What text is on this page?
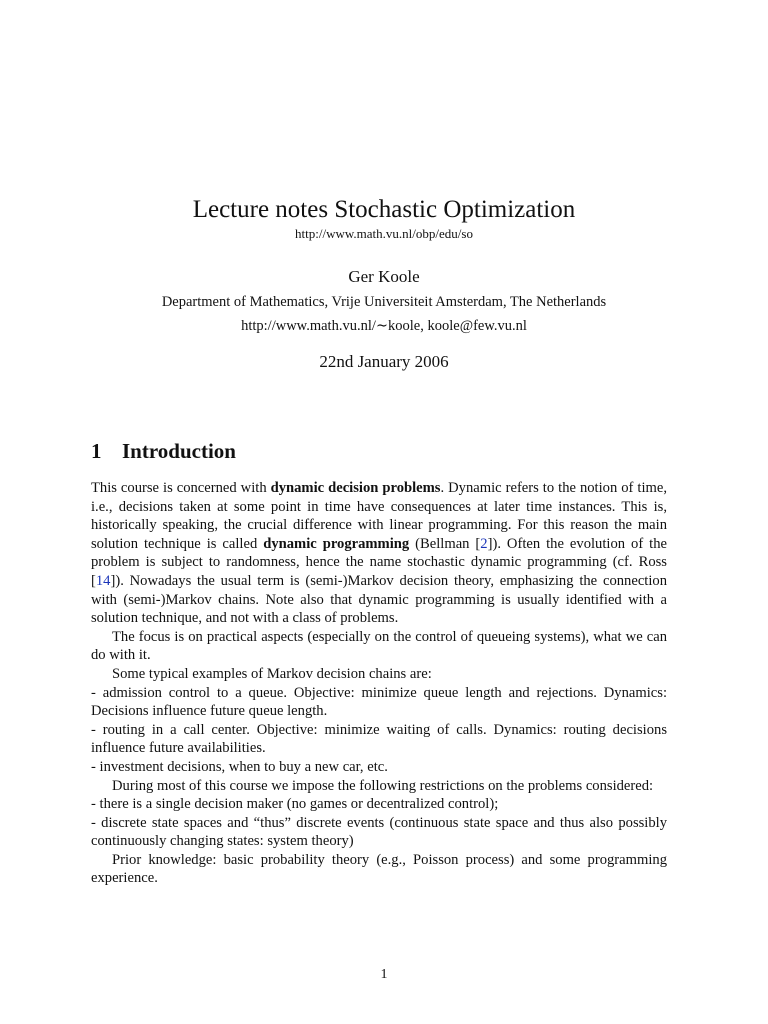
Lecture notes Stochastic Optimization
http://www.math.vu.nl/obp/edu/so
Ger Koole
Department of Mathematics, Vrije Universiteit Amsterdam, The Netherlands
http://www.math.vu.nl/∼koole, koole@few.vu.nl
22nd January 2006
1 Introduction

This course is concerned with dynamic decision problems. Dynamic refers to the notion of time, i.e., decisions taken at some point in time have consequences at later time instances. This is, historically speaking, the crucial difference with linear programming. For this reason the main solution technique is called dynamic programming (Bellman [2]). Often the evolution of the problem is subject to randomness, hence the name stochastic dynamic programming (cf. Ross [14]). Nowadays the usual term is (semi-)Markov decision theory, emphasizing the connection with (semi-)Markov chains. Note also that dynamic programming is usually identified with a solution technique, and not with a class of problems.

The focus is on practical aspects (especially on the control of queueing systems), what we can do with it.

Some typical examples of Markov decision chains are:

- admission control to a queue. Objective: minimize queue length and rejections. Dynamics: Decisions influence future queue length.

- routing in a call center. Objective: minimize waiting of calls. Dynamics: routing decisions influence future availabilities.

- investment decisions, when to buy a new car, etc.

During most of this course we impose the following restrictions on the problems considered:

- there is a single decision maker (no games or decentralized control);

- discrete state spaces and “thus” discrete events (continuous state space and thus also possibly continuously changing states: system theory)

Prior knowledge: basic probability theory (e.g., Poisson process) and some programming experience.

1
